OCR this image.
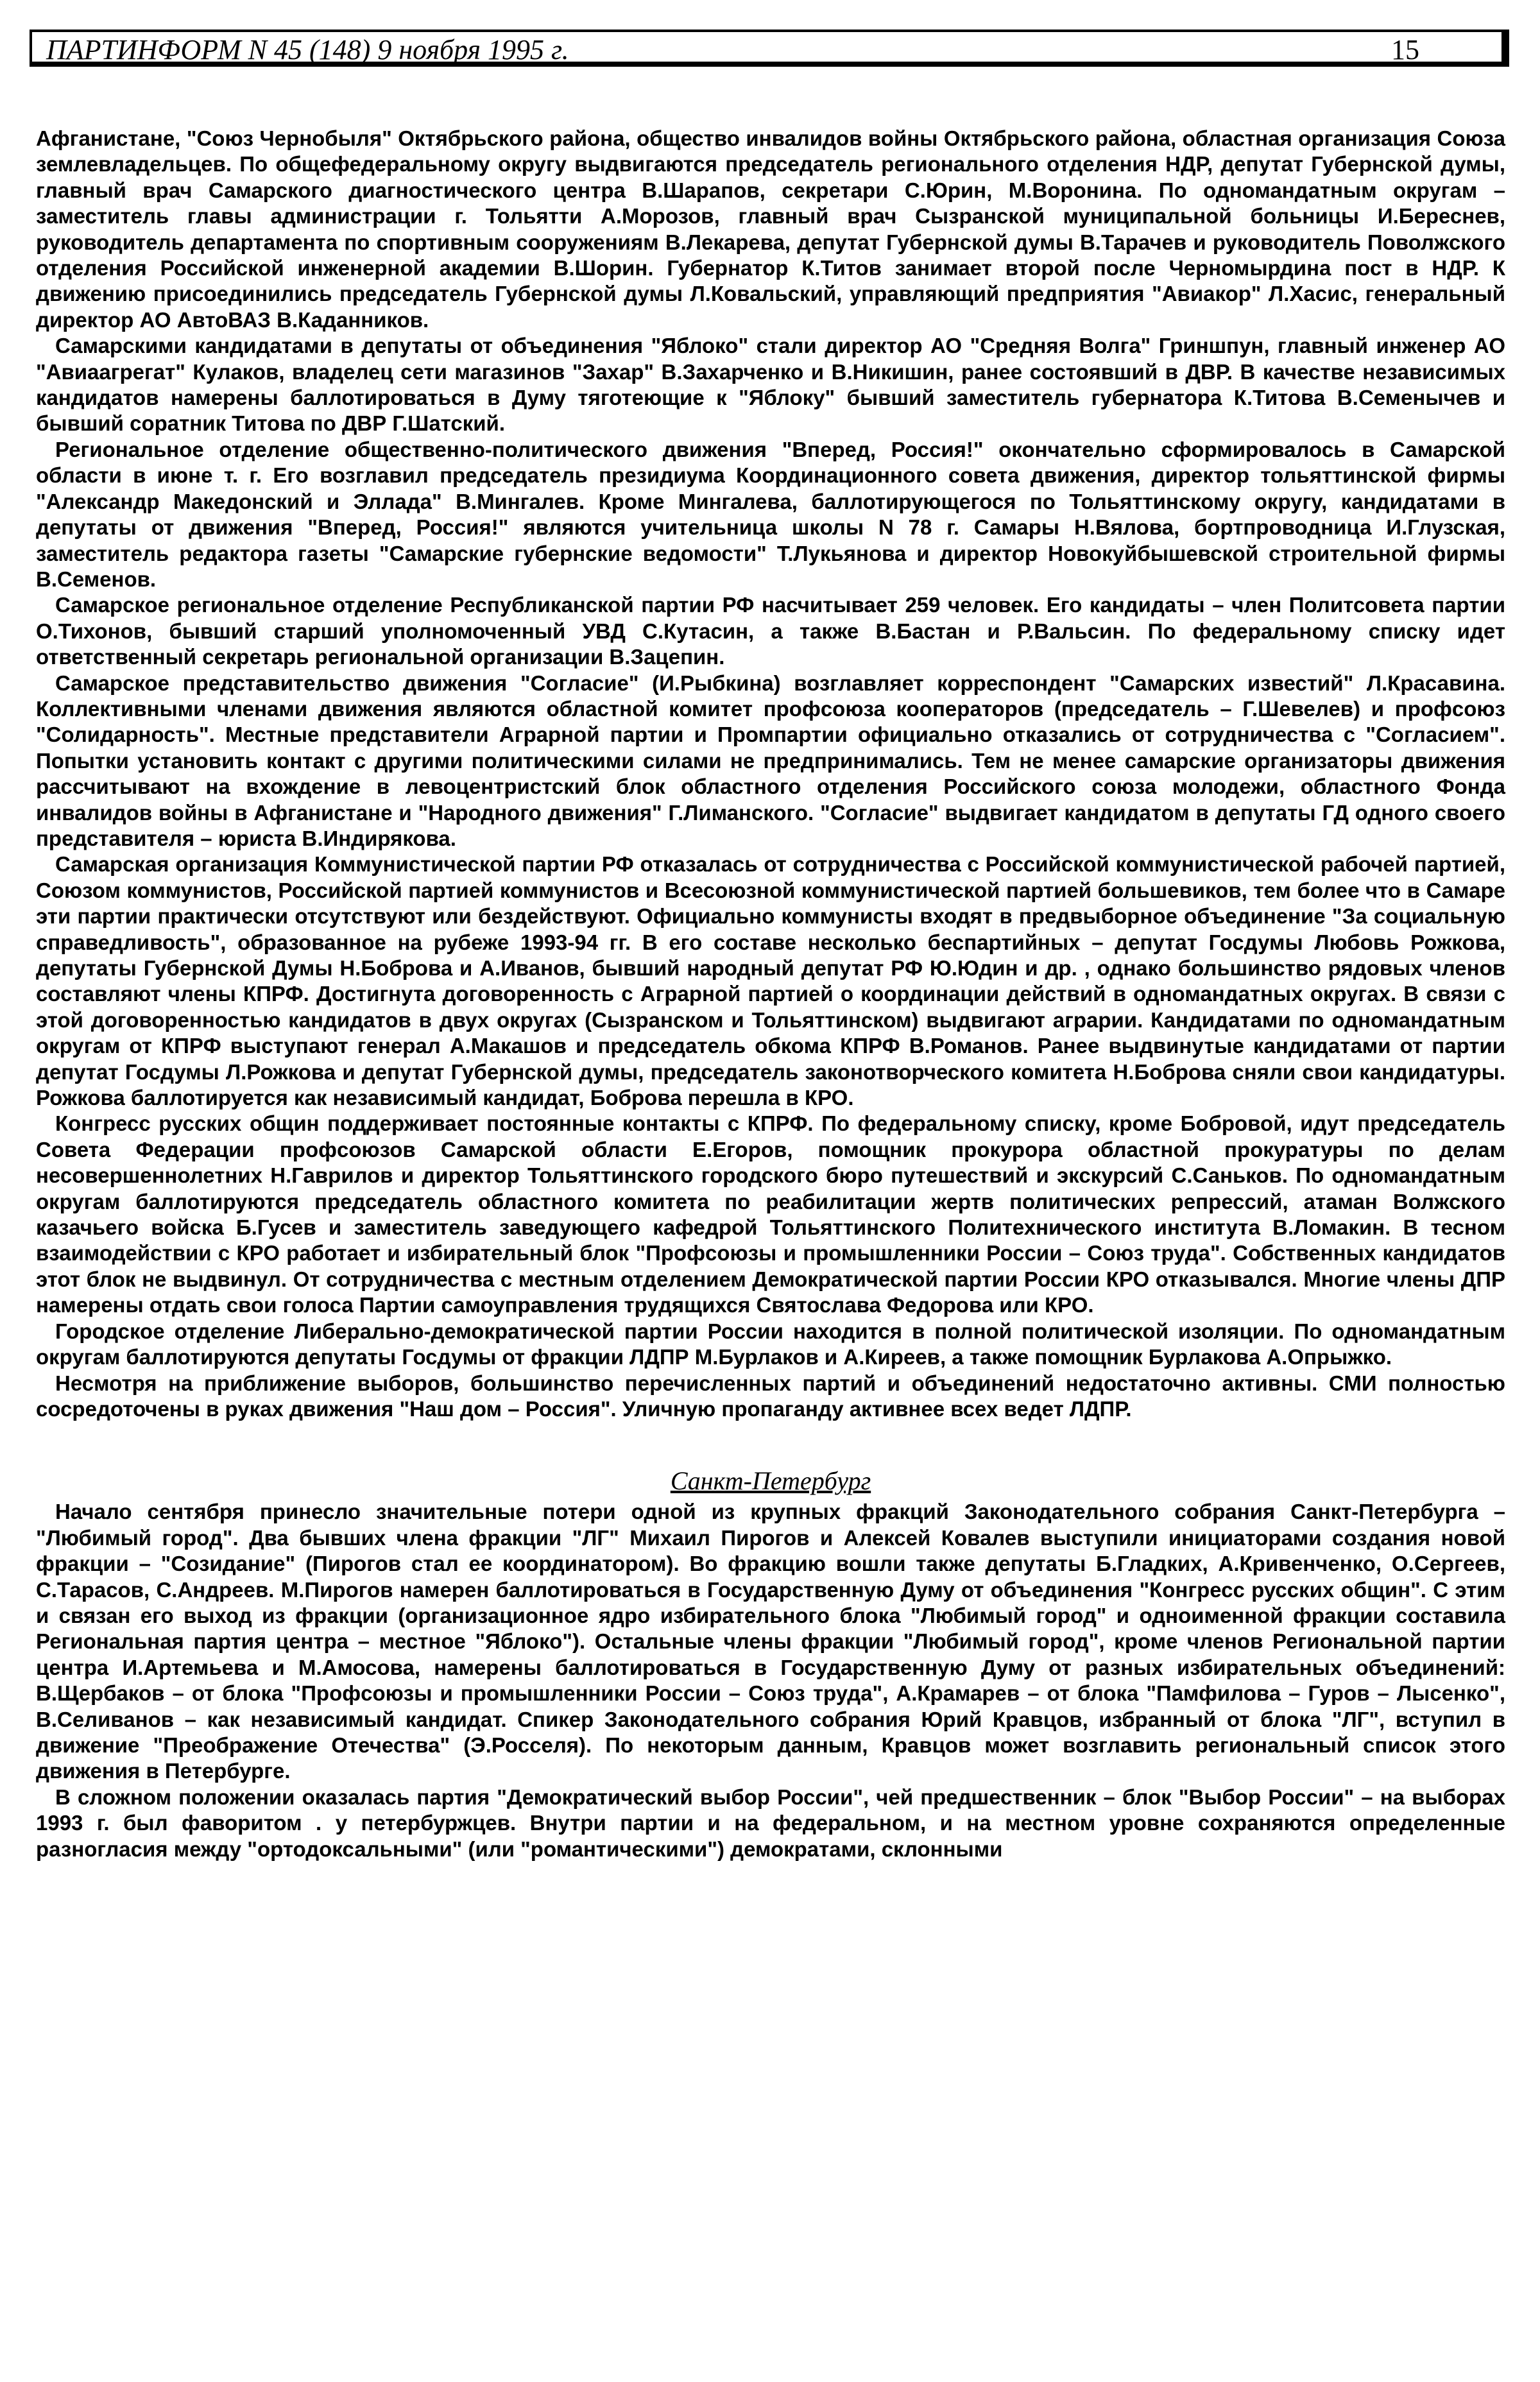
ПАРТИНФОРМ N 45 (148) 9 ноября 1995 г.	15

Афганистане, "Союз Чернобыля" Октябрьского района, общество инвалидов войны Октябрьского района, областная организация Союза землевладельцев. По общефедеральному округу выдвигаются председатель регионального отделения НДР, депутат Губернской думы, главный врач Самарского диагностического центра В.Шарапов, секретари С.Юрин, М.Воронина. По одномандатным округам – заместитель главы администрации г. Тольятти А.Морозов, главный врач Сызранской муниципальной больницы И.Береснев, руководитель департамента по спортивным сооружениям В.Лекарева, депутат Губернской думы В.Тарачев и руководитель Поволжского отделения Российской инженерной академии В.Шорин. Губернатор К.Титов занимает второй после Черномырдина пост в НДР. К движению присоединились председатель Губернской думы Л.Ковальский, управляющий предприятия "Авиакор" Л.Хасис, генеральный директор АО АвтоВАЗ В.Каданников.

Самарскими кандидатами в депутаты от объединения "Яблоко" стали директор АО "Средняя Волга" Гриншпун, главный инженер АО "Авиаагрегат" Кулаков, владелец сети магазинов "Захар" В.Захарченко и В.Никишин, ранее состоявший в ДВР. В качестве независимых кандидатов намерены баллотироваться в Думу тяготеющие к "Яблоку" бывший заместитель губернатора К.Титова В.Семенычев и бывший соратник Титова по ДВР Г.Шатский.

Региональное отделение общественно-политического движения "Вперед, Россия!" окончательно сформировалось в Самарской области в июне т. г. Его возглавил председатель президиума Координационного совета движения, директор тольяттинской фирмы "Александр Македонский и Эллада" В.Мингалев. Кроме Мингалева, баллотирующегося по Тольяттинскому округу, кандидатами в депутаты от движения "Вперед, Россия!" являются учительница школы N 78 г. Самары Н.Вялова, бортпроводница И.Глузская, заместитель редактора газеты "Самарские губернские ведомости" Т.Лукьянова и директор Новокуйбышевской строительной фирмы В.Семенов.

Самарское региональное отделение Республиканской партии РФ насчитывает 259 человек. Его кандидаты – член Политсовета партии О.Тихонов, бывший старший уполномоченный УВД С.Кутасин, а также В.Бастан и Р.Вальсин. По федеральному списку идет ответственный секретарь региональной организации В.Зацепин.

Самарское представительство движения "Согласие" (И.Рыбкина) возглавляет корреспондент "Самарских известий" Л.Красавина. Коллективными членами движения являются областной комитет профсоюза кооператоров (председатель – Г.Шевелев) и профсоюз "Солидарность". Местные представители Аграрной партии и Промпартии официально отказались от сотрудничества с "Согласием". Попытки установить контакт с другими политическими силами не предпринимались. Тем не менее самарские организаторы движения рассчитывают на вхождение в левоцентристский блок областного отделения Российского союза молодежи, областного Фонда инвалидов войны в Афганистане и "Народного движения" Г.Лиманского. "Согласие" выдвигает кандидатом в депутаты ГД одного своего представителя – юриста В.Индирякова.

Самарская организация Коммунистической партии РФ отказалась от сотрудничества с Российской коммунистической рабочей партией, Союзом коммунистов, Российской партией коммунистов и Всесоюзной коммунистической партией большевиков, тем более что в Самаре эти партии практически отсутствуют или бездействуют. Официально коммунисты входят в предвыборное объединение "За социальную справедливость", образованное на рубеже 1993-94 гг. В его составе несколько беспартийных – депутат Госдумы Любовь Рожкова, депутаты Губернской Думы Н.Боброва и А.Иванов, бывший народный депутат РФ Ю.Юдин и др. , однако большинство рядовых членов составляют члены КПРФ. Достигнута договоренность с Аграрной партией о координации действий в одномандатных округах. В связи с этой договоренностью кандидатов в двух округах (Сызранском и Тольяттинском) выдвигают аграрии. Кандидатами по одномандатным округам от КПРФ выступают генерал А.Макашов и председатель обкома КПРФ В.Романов. Ранее выдвинутые кандидатами от партии депутат Госдумы Л.Рожкова и депутат Губернской думы, председатель законотворческого комитета Н.Боброва сняли свои кандидатуры. Рожкова баллотируется как независимый кандидат, Боброва перешла в КРО.

Конгресс русских общин поддерживает постоянные контакты с КПРФ. По федеральному списку, кроме Бобровой, идут председатель Совета Федерации профсоюзов Самарской области Е.Егоров, помощник прокурора областной прокуратуры по делам несовершеннолетних Н.Гаврилов и директор Тольяттинского городского бюро путешествий и экскурсий С.Саньков. По одномандатным округам баллотируются председатель областного комитета по реабилитации жертв политических репрессий, атаман Волжского казачьего войска Б.Гусев и заместитель заведующего кафедрой Тольяттинского Политехнического института В.Ломакин. В тесном взаимодействии с КРО работает и избирательный блок "Профсоюзы и промышленники России – Союз труда". Собственных кандидатов этот блок не выдвинул. От сотрудничества с местным отделением Демократической партии России КРО отказывался. Многие члены ДПР намерены отдать свои голоса Партии самоуправления трудящихся Святослава Федорова или КРО.

Городское отделение Либерально-демократической партии России находится в полной политической изоляции. По одномандатным округам баллотируются депутаты Госдумы от фракции ЛДПР М.Бурлаков и А.Киреев, а также помощник Бурлакова А.Опрыжко.

Несмотря на приближение выборов, большинство перечисленных партий и объединений недостаточно активны. СМИ полностью сосредоточены в руках движения "Наш дом – Россия". Уличную пропаганду активнее всех ведет ЛДПР.

Санкт-Петербург

Начало сентября принесло значительные потери одной из крупных фракций Законодательного собрания Санкт-Петербурга – "Любимый город". Два бывших члена фракции "ЛГ" Михаил Пирогов и Алексей Ковалев выступили инициаторами создания новой фракции – "Созидание" (Пирогов стал ее координатором). Во фракцию вошли также депутаты Б.Гладких, А.Кривенченко, О.Сергеев, С.Тарасов, С.Андреев. М.Пирогов намерен баллотироваться в Государственную Думу от объединения "Конгресс русских общин". С этим и связан его выход из фракции (организационное ядро избирательного блока "Любимый город" и одноименной фракции составила Региональная партия центра – местное "Яблоко"). Остальные члены фракции "Любимый город", кроме членов Региональной партии центра И.Артемьева и М.Амосова, намерены баллотироваться в Государственную Думу от разных избирательных объединений: В.Щербаков – от блока "Профсоюзы и промышленники России – Союз труда", А.Крамарев – от блока "Памфилова – Гуров – Лысенко", В.Селиванов – как независимый кандидат. Спикер Законодательного собрания Юрий Кравцов, избранный от блока "ЛГ", вступил в движение "Преображение Отечества" (Э.Росселя). По некоторым данным, Кравцов может возглавить региональный список этого движения в Петербурге.

В сложном положении оказалась партия "Демократический выбор России", чей предшественник – блок "Выбор России" – на выборах 1993 г. был фаворитом . у петербуржцев. Внутри партии и на федеральном, и на местном уровне сохраняются определенные разногласия между "ортодоксальными" (или "романтическими") демократами, склонными
